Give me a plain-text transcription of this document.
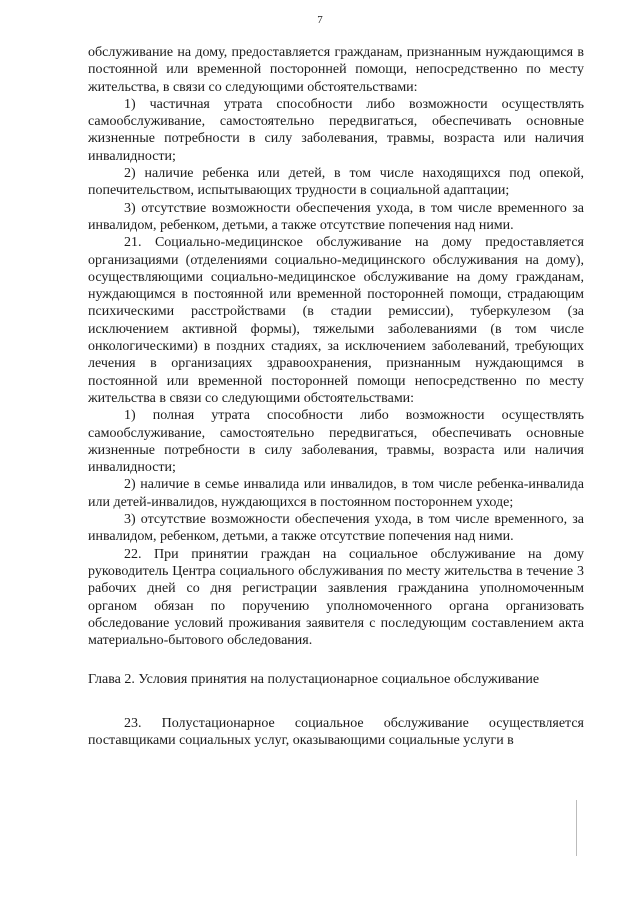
7

обслуживание на дому, предоставляется гражданам, признанным нуждающимся в постоянной или временной посторонней помощи, непосредственно по месту жительства, в связи со следующими обстоятельствами:

1) частичная утрата способности либо возможности осуществлять самообслуживание, самостоятельно передвигаться, обеспечивать основные жизненные потребности в силу заболевания, травмы, возраста или наличия инвалидности;

2) наличие ребенка или детей, в том числе находящихся под опекой, попечительством, испытывающих трудности в социальной адаптации;

3) отсутствие возможности обеспечения ухода, в том числе временного за инвалидом, ребенком, детьми, а также отсутствие попечения над ними.

21. Социально-медицинское обслуживание на дому предоставляется организациями (отделениями социально-медицинского обслуживания на дому), осуществляющими социально-медицинское обслуживание на дому гражданам, нуждающимся в постоянной или временной посторонней помощи, страдающим психическими расстройствами (в стадии ремиссии), туберкулезом (за исключением активной формы), тяжелыми заболеваниями (в том числе онкологическими) в поздних стадиях, за исключением заболеваний, требующих лечения в организациях здравоохранения, признанным нуждающимся в постоянной или временной посторонней помощи непосредственно по месту жительства в связи со следующими обстоятельствами:

1) полная утрата способности либо возможности осуществлять самообслуживание, самостоятельно передвигаться, обеспечивать основные жизненные потребности в силу заболевания, травмы, возраста или наличия инвалидности;

2) наличие в семье инвалида или инвалидов, в том числе ребенка-инвалида или детей-инвалидов, нуждающихся в постоянном постороннем уходе;

3) отсутствие возможности обеспечения ухода, в том числе временного, за инвалидом, ребенком, детьми, а также отсутствие попечения над ними.

22. При принятии граждан на социальное обслуживание на дому руководитель Центра социального обслуживания по месту жительства в течение 3 рабочих дней со дня регистрации заявления гражданина уполномоченным органом обязан по поручению уполномоченного органа организовать обследование условий проживания заявителя с последующим составлением акта материально-бытового обследования.

Глава 2. Условия принятия на полустационарное социальное обслуживание

23. Полустационарное социальное обслуживание осуществляется поставщиками социальных услуг, оказывающими социальные услуги в
